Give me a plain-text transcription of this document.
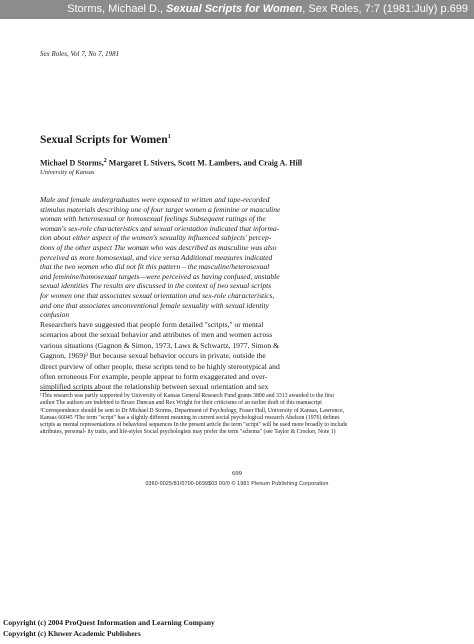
Storms, Michael D., Sexual Scripts for Women, Sex Roles, 7:7 (1981:July) p.699
Sex Roles, Vol 7, No 7, 1981
Sexual Scripts for Women$^1$
Michael D Storms,$^2$ Margaret L Stivers, Scott M. Lambers, and Craig A. Hill
University of Kansas
Male and female undergraduates were exposed to written and tape-recorded
stimulus materials describing one of four target women a feminine or masculine
woman with heterosexual or homosexual feelings Subsequent ratings of the
woman's sex-role characteristics and sexual orientation indicated that informa-
tion about either aspect of the women's sexuality influenced subjects' percep-
tions of the other aspect The woman who was described as masculine was also
perceived as more homosexual, and vice versa Additional measures indicated
that the two women who did not fit this pattern – the masculine/heterosexual
and feminine/homosexual targets—were perceived as having confused, unstable
sexual identities The results are discussed in the context of two sexual scripts
for women one that associates sexual orientation and sex-role characteristics,
and one that associates unconventional female sexuality with sexual identity
confusion
Researchers have suggested that people form detailed "scripts," or mental
scenarios about the sexual behavior and attributes of men and women across
various situations (Gagnon & Simon, 1973, Laws & Schwartz, 1977, Simon &
Gagnon, 1969)³ But because sexual behavior occurs in private, outside the
direct purview of other people, these scripts tend to be highly stereotypical and
often erroneous For example, people appear to form exaggerated and over-
simplified scripts about the relationship between sexual orientation and sex
¹This research was partly supported by University of Kansas General Research Fund grants 3800 and 3313 awarded to the first author The authors are indebted to Bruce Duncan and Rex Wright for their criticisms of an earlier draft of this manuscript ²Correspondence should be sent to Dr Michael D Storms, Department of Psychology, Fraser Hall, University of Kansas, Lawrence, Kansas 66045 ³The term "script" has a slightly different meaning in current social psychological research Abelson (1976) defines scripts as mental representations of behavioral sequences In the present article the term "script" will be used more broadly to include attributes, personal- ity traits, and life-styles Social psychologists may prefer the term "schema" (see Taylor & Crocker, Note 1)
699
0360-0025/81/0700-0699$03 00/0 © 1981 Plenum Publishing Corporation
Copyright (c) 2004 ProQuest Information and Learning Company
Copyright (c) Kluwer Academic Publishers
